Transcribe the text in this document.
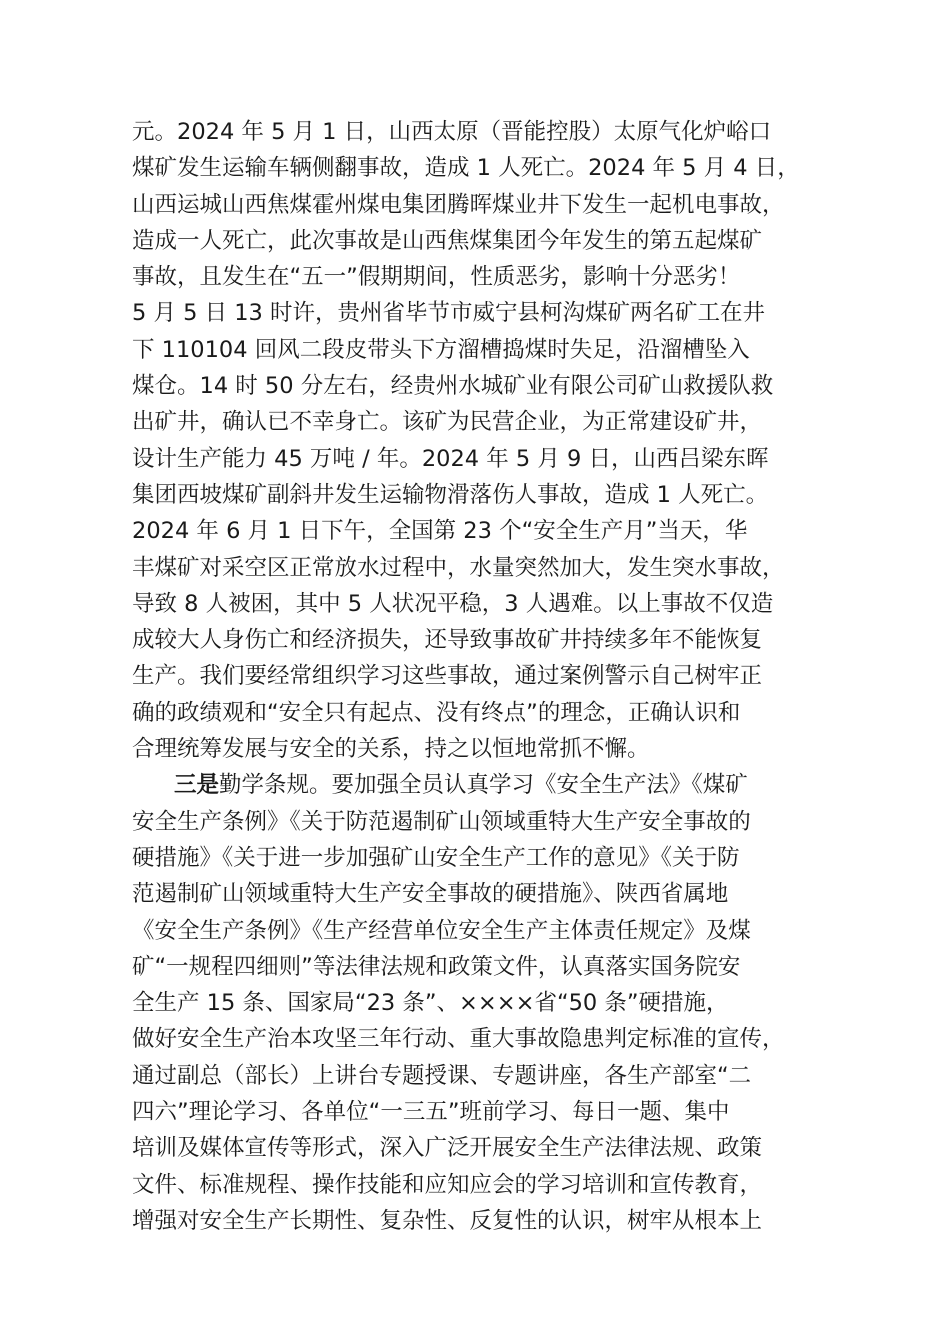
元。2024 年 5 月 1 日，山西太原（晋能控股）太原气化炉峪口
煤矿发生运输车辆侧翻事故，造成 1 人死亡。2024 年 5 月 4 日，
山西运城山西焦煤霍州煤电集团腾晖煤业井下发生一起机电事故，
造成一人死亡，此次事故是山西焦煤集团今年发生的第五起煤矿
事故，且发生在“五一”假期期间，性质恶劣，影响十分恶劣！
5 月 5 日 13 时许，贵州省毕节市威宁县柯沟煤矿两名矿工在井
下 110104 回风二段皮带头下方溜槽捣煤时失足，沿溜槽坠入
煤仓。14 时 50 分左右，经贵州水城矿业有限公司矿山救援队救
出矿井，确认已不幸身亡。该矿为民营企业，为正常建设矿井，
设计生产能力 45 万吨 / 年。2024 年 5 月 9 日，山西吕梁东晖
集团西坡煤矿副斜井发生运输物滑落伤人事故，造成 1 人死亡。
2024 年 6 月 1 日下午，全国第 23 个“安全生产月”当天，华
丰煤矿对采空区正常放水过程中，水量突然加大，发生突水事故，
导致 8 人被困，其中 5 人状况平稳，3 人遇难。以上事故不仅造
成较大人身伤亡和经济损失，还导致事故矿井持续多年不能恢复
生产。我们要经常组织学习这些事故，通过案例警示自己树牢正
确的政绩观和“安全只有起点、没有终点”的理念，正确认识和
合理统筹发展与安全的关系，持之以恒地常抓不懈。
三是勤学条规。要加强全员认真学习《安全生产法》《煤矿
安全生产条例》《关于防范遏制矿山领域重特大生产安全事故的
硬措施》《关于进一步加强矿山安全生产工作的意见》《关于防
范遏制矿山领域重特大生产安全事故的硬措施》、陕西省属地
《安全生产条例》《生产经营单位安全生产主体责任规定》及煤
矿“一规程四细则”等法律法规和政策文件，认真落实国务院安
全生产 15 条、国家局“23 条”、××××省“50 条”硬措施，
做好安全生产治本攻坚三年行动、重大事故隐患判定标准的宣传，
通过副总（部长）上讲台专题授课、专题讲座，各生产部室“二
四六”理论学习、各单位“一三五”班前学习、每日一题、集中
培训及媒体宣传等形式，深入广泛开展安全生产法律法规、政策
文件、标准规程、操作技能和应知应会的学习培训和宣传教育，
增强对安全生产长期性、复杂性、反复性的认识，树牢从根本上
